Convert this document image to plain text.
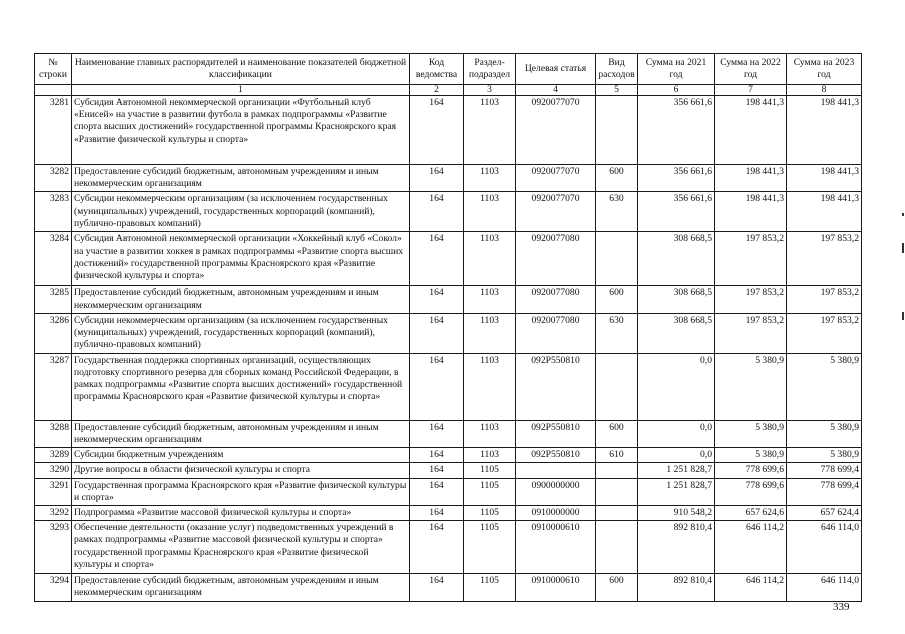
№ строки	Наименование главных распорядителей и наименование показателей бюджетной классификации	Код ведомства	Раздел-подраздел	Целевая статья	Вид расходов	Сумма на 2021 год	Сумма на 2022 год	Сумма на 2023 год
	1	2	3	4	5	6	7	8
3281	Субсидия Автономной некоммерческой организации «Футбольный клуб «Енисей» на участие в развитии футбола в рамках подпрограммы «Развитие спорта высших достижений» государственной программы Красноярского края «Развитие физической культуры и спорта»	164	1103	0920077070		356 661,6	198 441,3	198 441,3
3282	Предоставление субсидий бюджетным, автономным учреждениям и иным некоммерческим организациям	164	1103	0920077070	600	356 661,6	198 441,3	198 441,3
3283	Субсидии некоммерческим организациям (за исключением государственных (муниципальных) учреждений, государственных корпораций (компаний), публично-правовых компаний)	164	1103	0920077070	630	356 661,6	198 441,3	198 441,3
3284	Субсидия Автономной некоммерческой организации «Хоккейный клуб «Сокол» на участие в развитии хоккея в рамках подпрограммы «Развитие спорта высших достижений» государственной программы Красноярского края «Развитие физической культуры и спорта»	164	1103	0920077080		308 668,5	197 853,2	197 853,2
3285	Предоставление субсидий бюджетным, автономным учреждениям и иным некоммерческим организациям	164	1103	0920077080	600	308 668,5	197 853,2	197 853,2
3286	Субсидии некоммерческим организациям (за исключением государственных (муниципальных) учреждений, государственных корпораций (компаний), публично-правовых компаний)	164	1103	0920077080	630	308 668,5	197 853,2	197 853,2
3287	Государственная поддержка спортивных организаций, осуществляющих подготовку спортивного резерва для сборных команд Российской Федерации, в рамках подпрограммы «Развитие спорта высших достижений» государственной программы Красноярского края «Развитие физической культуры и спорта»	164	1103	092P550810		0,0	5 380,9	5 380,9
3288	Предоставление субсидий бюджетным, автономным учреждениям и иным некоммерческим организациям	164	1103	092P550810	600	0,0	5 380,9	5 380,9
3289	Субсидии бюджетным учреждениям	164	1103	092P550810	610	0,0	5 380,9	5 380,9
3290	Другие вопросы в области физической культуры и спорта	164	1105			1 251 828,7	778 699,6	778 699,4
3291	Государственная программа Красноярского края «Развитие физической культуры и спорта»	164	1105	0900000000		1 251 828,7	778 699,6	778 699,4
3292	Подпрограмма «Развитие массовой физической культуры и спорта»	164	1105	0910000000		910 548,2	657 624,6	657 624,4
3293	Обеспечение деятельности (оказание услуг) подведомственных учреждений в рамках подпрограммы «Развитие массовой физической культуры и спорта» государственной программы Красноярского края «Развитие физической культуры и спорта»	164	1105	0910000610		892 810,4	646 114,2	646 114,0
3294	Предоставление субсидий бюджетным, автономным учреждениям и иным некоммерческим организациям	164	1105	0910000610	600	892 810,4	646 114,2	646 114,0
339
